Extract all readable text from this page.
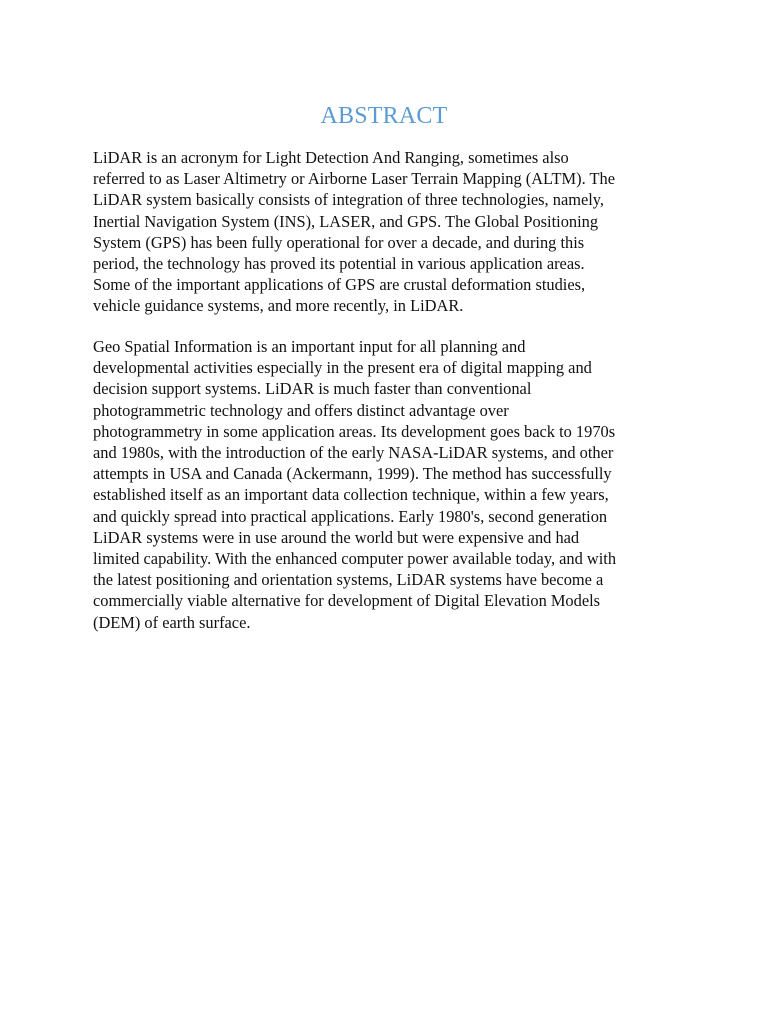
ABSTRACT

LiDAR is an acronym for Light Detection And Ranging, sometimes also
referred to as Laser Altimetry or Airborne Laser Terrain Mapping (ALTM). The
LiDAR system basically consists of integration of three technologies, namely,
Inertial Navigation System (INS), LASER, and GPS. The Global Positioning
System (GPS) has been fully operational for over a decade, and during this
period, the technology has proved its potential in various application areas.
Some of the important applications of GPS are crustal deformation studies,
vehicle guidance systems, and more recently, in LiDAR.

Geo Spatial Information is an important input for all planning and
developmental activities especially in the present era of digital mapping and
decision support systems. LiDAR is much faster than conventional
photogrammetric technology and offers distinct advantage over
photogrammetry in some application areas. Its development goes back to 1970s
and 1980s, with the introduction of the early NASA-LiDAR systems, and other
attempts in USA and Canada (Ackermann, 1999). The method has successfully
established itself as an important data collection technique, within a few years,
and quickly spread into practical applications. Early 1980's, second generation
LiDAR systems were in use around the world but were expensive and had
limited capability. With the enhanced computer power available today, and with
the latest positioning and orientation systems, LiDAR systems have become a
commercially viable alternative for development of Digital Elevation Models
(DEM) of earth surface.
